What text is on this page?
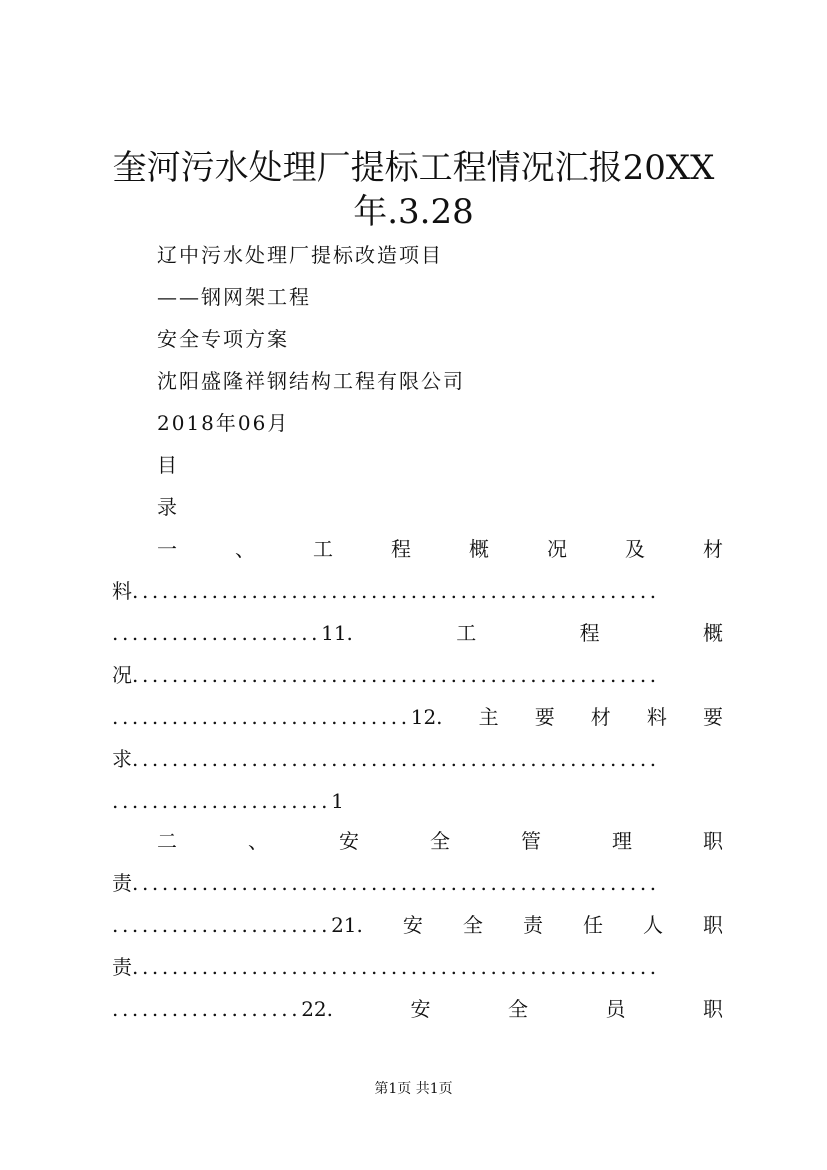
奎河污水处理厂提标工程情况汇报20XX
年.3.28
辽中污水处理厂提标改造项目
——钢网架工程
安全专项方案
沈阳盛隆祥钢结构工程有限公司
2018年06月
目
录
一	、	工	程	概	况	及	材
料.....................................................
.....................11.	工	程	概
况.....................................................
..............................12. 主 要 材 料 要
求.....................................................
......................1
二	、	安	全	管	理	职
责.....................................................
......................21. 安 全 责 任 人 职
责.....................................................
...................22.	安	全	员	职
第1页 共1页
